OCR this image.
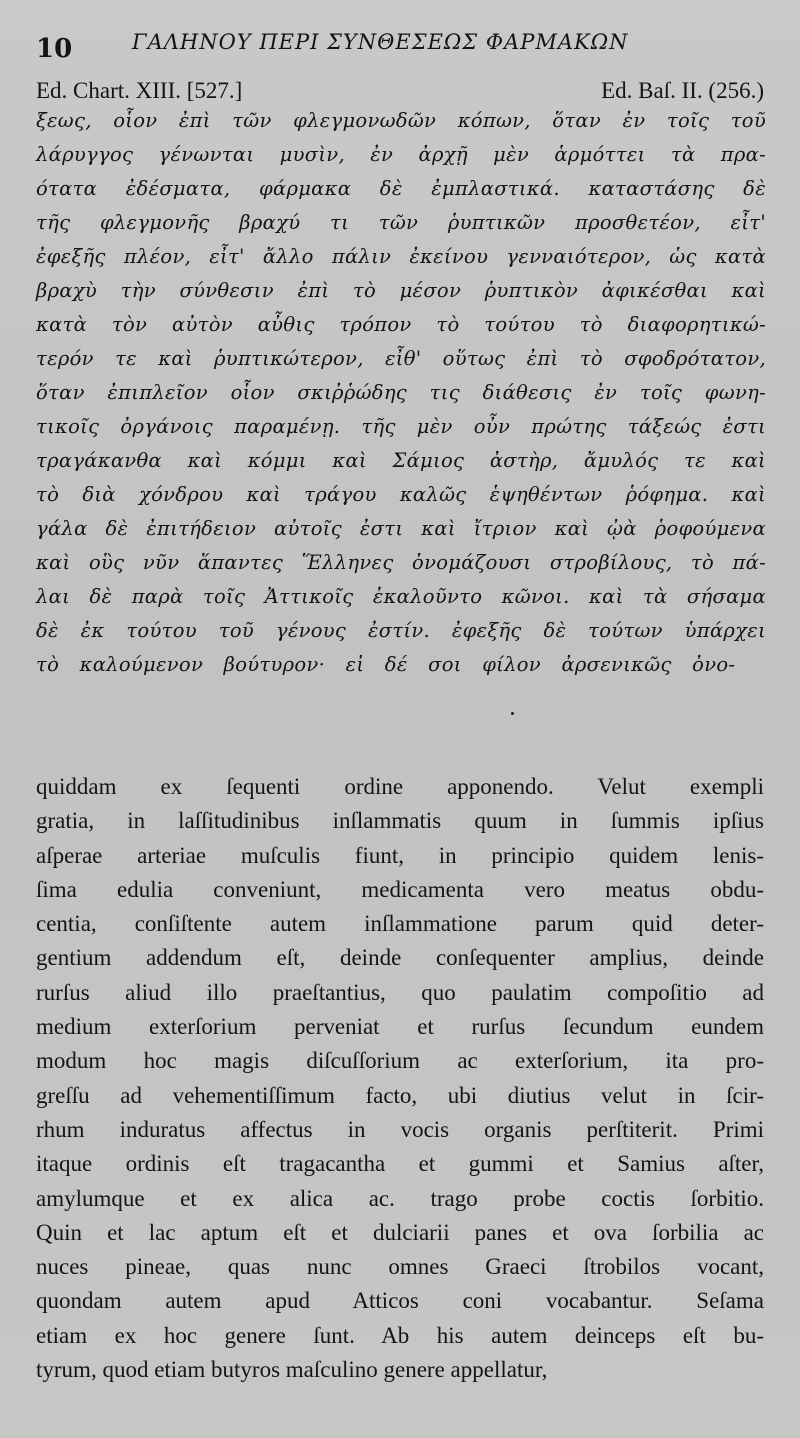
10	ΓΑΛΗΝΟΥ ΠΕΡΙ ΣΥΝΘΕΣΕΩΣ ΦΑΡΜΑΚΩΝ
Ed. Chart. XIII. [527.]	Ed. Baſ. II. (256.)
ξεως, οἷον ἐπὶ τῶν φλεγμονωδῶν κόπων, ὅταν ἐν τοῖς τοῦ
λάρυγγος γένωνται μυσὶν, ἐν ἀρχῇ μὲν ἁρμόττει τὰ πρα-
ότατα ἐδέσματα, φάρμακα δὲ ἐμπλαστικά. καταστάσης δὲ
τῆς φλεγμονῆς βραχύ τι τῶν ῥυπτικῶν προσθετέον, εἶτ'
ἐφεξῆς πλέον, εἶτ' ἄλλο πάλιν ἐκείνου γενναιότερον, ὡς κατὰ
βραχὺ τὴν σύνθεσιν ἐπὶ τὸ μέσον ῥυπτικὸν ἀφικέσθαι καὶ
κατὰ τὸν αὐτὸν αὖθις τρόπον τὸ τούτου τὸ διαφορητικώ-
τερόν τε καὶ ῥυπτικώτερον, εἶθ' οὕτως ἐπὶ τὸ σφοδρότατον,
ὅταν ἐπιπλεῖον οἷον σκιῤῥώδης τις διάθεσις ἐν τοῖς φωνη-
τικοῖς ὀργάνοις παραμένῃ. τῆς μὲν οὖν πρώτης τάξεώς ἐστι
τραγάκανθα καὶ κόμμι καὶ Σάμιος ἀστὴρ, ἄμυλός τε καὶ
τὸ διὰ χόνδρου καὶ τράγου καλῶς ἑψηθέντων ῥόφημα. καὶ
γάλα δὲ ἐπιτήδειον αὐτοῖς ἐστι καὶ ἴτριον καὶ ᾠὰ ῥοφούμενα
καὶ οὓς νῦν ἅπαντες Ἕλληνες ὀνομάζουσι στροβίλους, τὸ πά-
λαι δὲ παρὰ τοῖς Ἀττικοῖς ἐκαλοῦντο κῶνοι. καὶ τὰ σήσαμα
δὲ ἐκ τούτου τοῦ γένους ἐστίν. ἐφεξῆς δὲ τούτων ὑπάρχει
τὸ καλούμενον βούτυρον· εἰ δέ σοι φίλον ἀρσενικῶς ὀνο-
quiddam ex ſequenti ordine apponendo. Velut exempli
gratia, in laſſitudinibus inſlammatis quum in ſummis ipſius
aſperae arteriae muſculis fiunt, in principio quidem lenis-
ſima edulia conveniunt, medicamenta vero meatus obdu-
centia, conſiſtente autem inſlammatione parum quid deter-
gentium addendum eſt, deinde conſequenter amplius, deinde
rurſus aliud illo praeſtantius, quo paulatim compoſitio ad
medium exterſorium perveniat et rurſus ſecundum eundem
modum hoc magis diſcuſſorium ac exterſorium, ita pro-
greſſu ad vehementiſſimum facto, ubi diutius velut in ſcir-
rhum induratus affectus in vocis organis perſtiterit. Primi
itaque ordinis eſt tragacantha et gummi et Samius aſter,
amylumque et ex alica ac. trago probe coctis ſorbitio.
Quin et lac aptum eſt et dulciarii panes et ova ſorbilia ac
nuces pineae, quas nunc omnes Graeci ſtrobilos vocant,
quondam autem apud Atticos coni vocabantur. Seſama
etiam ex hoc genere ſunt. Ab his autem deinceps eſt bu-
tyrum, quod etiam butyros maſculino genere appellatur,
